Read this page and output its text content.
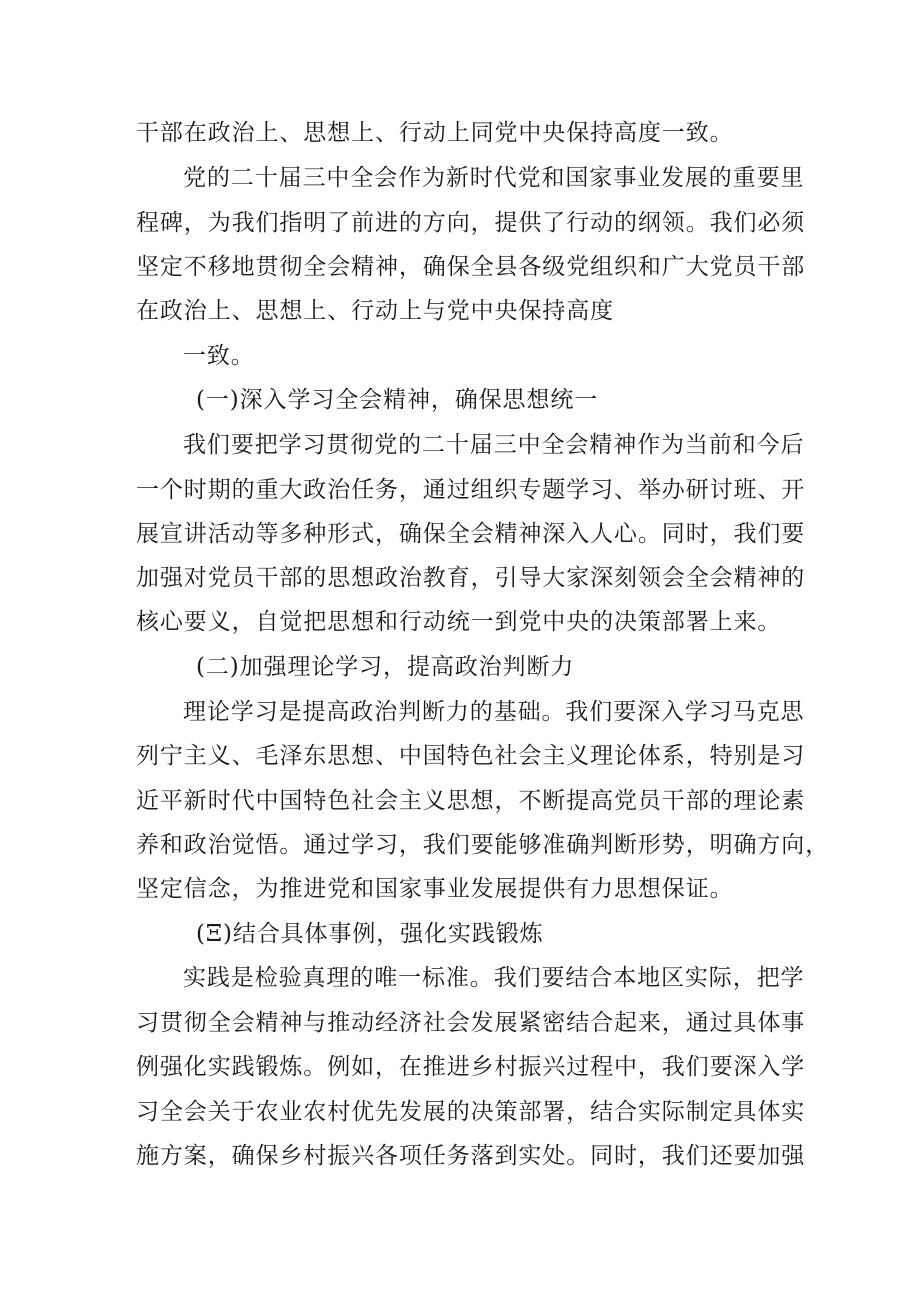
干部在政治上、思想上、行动上同党中央保持高度一致。
党的二十届三中全会作为新时代党和国家事业发展的重要里
程碑，为我们指明了前进的方向，提供了行动的纲领。我们必须
坚定不移地贯彻全会精神，确保全县各级党组织和广大党员干部
在政治上、思想上、行动上与党中央保持高度
一致。
(一)深入学习全会精神，确保思想统一
我们要把学习贯彻党的二十届三中全会精神作为当前和今后
一个时期的重大政治任务，通过组织专题学习、举办研讨班、开
展宣讲活动等多种形式，确保全会精神深入人心。同时，我们要
加强对党员干部的思想政治教育，引导大家深刻领会全会精神的
核心要义，自觉把思想和行动统一到党中央的决策部署上来。
(二)加强理论学习，提高政治判断力
理论学习是提高政治判断力的基础。我们要深入学习马克思
列宁主义、毛泽东思想、中国特色社会主义理论体系，特别是习
近平新时代中国特色社会主义思想，不断提高党员干部的理论素
养和政治觉悟。通过学习，我们要能够准确判断形势，明确方向，
坚定信念，为推进党和国家事业发展提供有力思想保证。
(Ξ)结合具体事例，强化实践锻炼
实践是检验真理的唯一标准。我们要结合本地区实际，把学
习贯彻全会精神与推动经济社会发展紧密结合起来，通过具体事
例强化实践锻炼。例如，在推进乡村振兴过程中，我们要深入学
习全会关于农业农村优先发展的决策部署，结合实际制定具体实
施方案，确保乡村振兴各项任务落到实处。同时，我们还要加强
